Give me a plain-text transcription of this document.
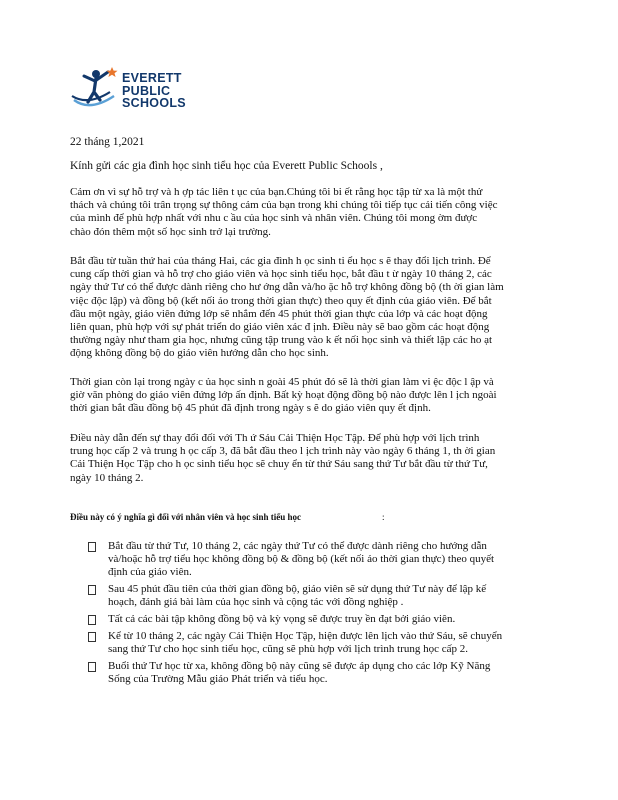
EVERETT
PUBLIC
SCHOOLS
22 tháng 1,2021
Kính gửi các gia đình học sinh tiểu học của Everett Public Schools ,

Cảm ơn vì sự hỗ trợ và h ợp tác liên t ục của bạn.Chúng tôi bi ết rằng học tập từ xa là một thử
thách và chúng tôi trân trọng sự thông cảm của bạn trong khi chúng tôi tiếp tục cải tiến công việc
của mình để phù hợp nhất với nhu c ầu của học sinh và nhân viên. Chúng tôi mong ờm được
chào đón thêm một số học sinh trở lại trường.

Bắt đầu từ tuần thứ hai của tháng Hai, các gia đình h ọc sinh ti ểu học s ẽ thay đổi lịch trình. Để
cung cấp thời gian và hỗ trợ cho giáo viên và học sinh tiểu học, bắt đầu t ừ ngày 10 tháng 2, các
ngày thứ Tư có thể được dành riêng cho hư ớng dẫn và/ho ặc hỗ trợ không đồng bộ (th ời gian làm
việc độc lập) và đồng bộ (kết nối ảo trong thời gian thực) theo quy ết định của giáo viên. Để bắt
đầu một ngày, giáo viên đứng lớp sẽ nhắm đến 45 phút thời gian thực của lớp và các hoạt động
liên quan, phù hợp với sự phát triển do giáo viên xác đ ịnh. Điều này sẽ bao gồm các hoạt động
thường ngày như tham gia học, nhưng cũng tập trung vào k ết nối học sinh và thiết lập các ho ạt
động không đồng bộ do giáo viên hướng dẫn cho học sinh.

Thời gian còn lại trong ngày c ủa học sinh n goài 45 phút đó sẽ là thời gian làm vi ệc độc l ập và
giờ văn phòng do giáo viên đứng lớp ấn định. Bất kỳ hoạt động đồng bộ nào được lên l ịch ngoài
thời gian bắt đầu đồng bộ 45 phút đã định trong ngày s ẽ do giáo viên quy ết định.

Điều này dẫn đến sự thay đổi đối với Th ứ Sáu Cải Thiện Học Tập. Để phù hợp với lịch trình
trung học cấp 2 và trung h ọc cấp 3, đã bắt đầu theo l ịch trình này vào ngày 6 tháng 1, th ời gian
Cải Thiện Học Tập cho h ọc sinh tiểu học sẽ chuy ển từ thứ Sáu sang thứ Tư bắt đầu từ thứ Tư,
ngày 10 tháng 2.

Điều này có ý nghĩa gì đối với nhân viên và học sinh tiểu học	:
Bắt đầu từ thứ Tư, 10 tháng 2, các ngày thứ Tư có thể được dành riêng cho hướng dẫn
và/hoặc hỗ trợ tiểu học không đồng bộ & đồng bộ (kết nối ảo thời gian thực) theo quyết
định của giáo viên.
Sau 45 phút đầu tiên của thời gian đồng bộ, giáo viên sẽ sử dụng thứ Tư này để lập kế
hoạch, đánh giá bài làm của học sinh và cộng tác với đồng nghiệp .
Tất cả các bài tập không đồng bộ và kỳ vọng sẽ được truy ền đạt bởi giáo viên.
Kể từ 10 tháng 2, các ngày Cải Thiện Học Tập, hiện được lên lịch vào thứ Sáu, sẽ chuyển
sang thứ Tư cho học sinh tiểu học, cũng sẽ phù hợp với lịch trình trung học cấp 2.
Buổi thứ Tư học từ xa, không đồng bộ này cũng sẽ được áp dụng cho các lớp Kỹ Năng
Sống của Trường Mẫu giáo Phát triển và tiểu học.
